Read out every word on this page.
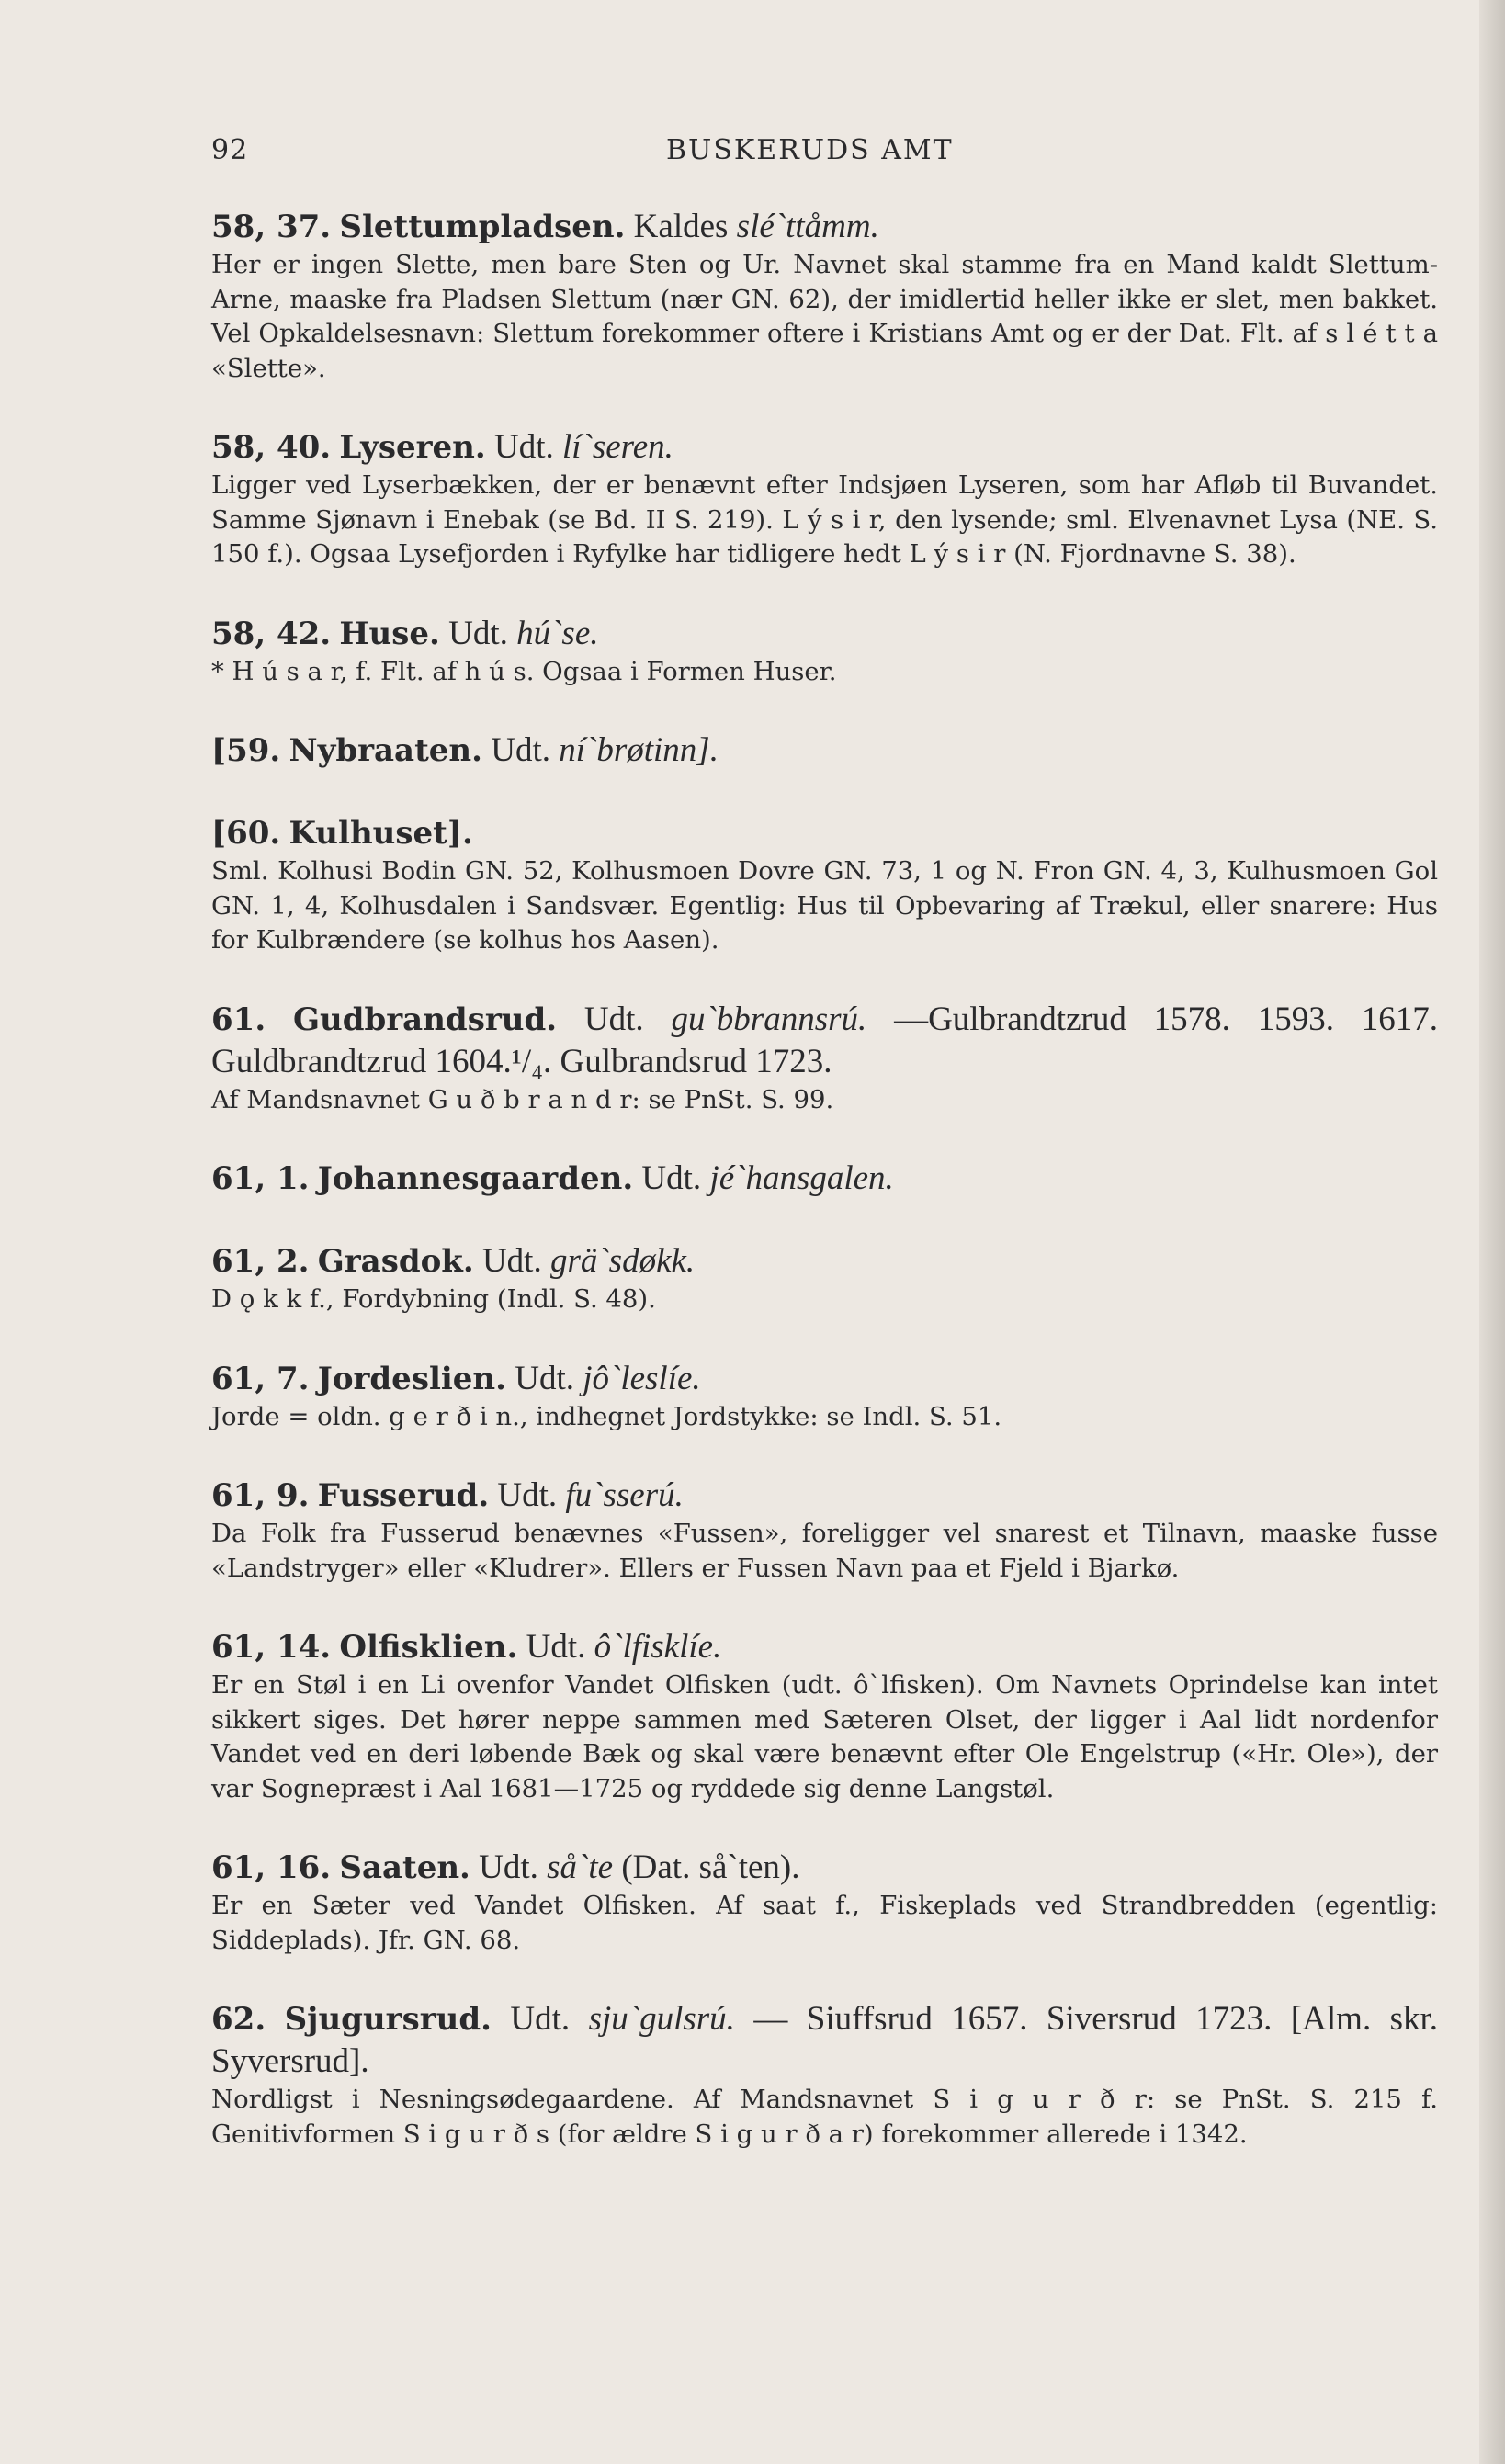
92	BUSKERUDS AMT
58, 37. Slettumpladsen. Kaldes slé`ttåmm.

Her er ingen Slette, men bare Sten og Ur. Navnet skal stamme fra en Mand kaldt Slettum-Arne, maaske fra Pladsen Slettum (nær GN. 62), der imidlertid heller ikke er slet, men bakket. Vel Opkaldelsesnavn: Slettum forekommer oftere i Kristians Amt og er der Dat. Flt. af s l é t t a «Slette».

58, 40. Lyseren. Udt. lí`seren.

Ligger ved Lyserbækken, der er benævnt efter Indsjøen Lyseren, som har Afløb til Buvandet. Samme Sjønavn i Enebak (se Bd. II S. 219). L ý s i r, den lysende; sml. Elvenavnet Lysa (NE. S. 150 f.). Ogsaa Lysefjorden i Ryfylke har tidligere hedt L ý s i r (N. Fjordnavne S. 38).

58, 42. Huse. Udt. hú`se.

* H ú s a r, f. Flt. af h ú s. Ogsaa i Formen Huser.

[59. Nybraaten. Udt. ní`brøtinn].
[60. Kulhuset].

Sml. Kolhusi Bodin GN. 52, Kolhusmoen Dovre GN. 73, 1 og N. Fron GN. 4, 3, Kulhusmoen Gol GN. 1, 4, Kolhusdalen i Sandsvær. Egentlig: Hus til Opbevaring af Trækul, eller snarere: Hus for Kulbrændere (se kolhus hos Aasen).

61. Gudbrandsrud. Udt. gu`bbrannsrú. —Gulbrandtzrud 1578. 1593. 1617. Guldbrandtzrud 1604.¹/₄. Gulbrandsrud 1723.

Af Mandsnavnet G u ð b r a n d r: se PnSt. S. 99.

61, 1. Johannesgaarden. Udt. jé`hansgalen.
61, 2. Grasdok. Udt. grä`sdøkk.

D ǫ k k f., Fordybning (Indl. S. 48).

61, 7. Jordeslien. Udt. jô`leslíe.

Jorde = oldn. g e r ð i n., indhegnet Jordstykke: se Indl. S. 51.

61, 9. Fusserud. Udt. fu`sserú.

Da Folk fra Fusserud benævnes «Fussen», foreligger vel snarest et Tilnavn, maaske fusse «Landstryger» eller «Kludrer». Ellers er Fussen Navn paa et Fjeld i Bjarkø.

61, 14. Olfisklien. Udt. ô`lfisklíe.

Er en Støl i en Li ovenfor Vandet Olfisken (udt. ô`lfisken). Om Navnets Oprindelse kan intet sikkert siges. Det hører neppe sammen med Sæteren Olset, der ligger i Aal lidt nordenfor Vandet ved en deri løbende Bæk og skal være benævnt efter Ole Engelstrup («Hr. Ole»), der var Sognepræst i Aal 1681—1725 og ryddede sig denne Langstøl.

61, 16. Saaten. Udt. så`te (Dat. så`ten).

Er en Sæter ved Vandet Olfisken. Af saat f., Fiskeplads ved Strandbredden (egentlig: Siddeplads). Jfr. GN. 68.

62. Sjugursrud. Udt. sju`gulsrú. — Siuffsrud 1657. Siversrud 1723. [Alm. skr. Syversrud].

Nordligst i Nesningsødegaardene. Af Mandsnavnet S i g u r ð r: se PnSt. S. 215 f. Genitivformen S i g u r ð s (for ældre S i g u r ð a r) forekommer allerede i 1342.
